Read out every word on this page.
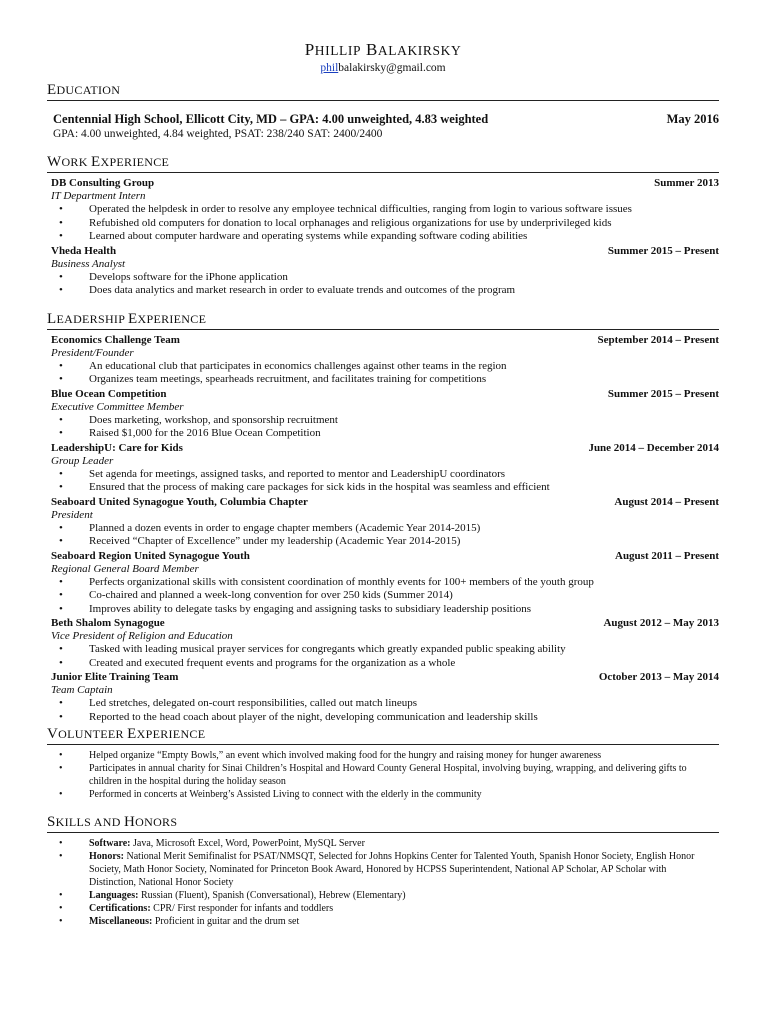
PHILLIP BALAKIRSKY
philbalakirsky@gmail.com
EDUCATION
Centennial High School, Ellicott City, MD – GPA: 4.00 unweighted, 4.83 weighted	May 2016
GPA: 4.00 unweighted, 4.84 weighted, PSAT: 238/240 SAT: 2400/2400
WORK EXPERIENCE
DB Consulting Group	Summer 2013
IT Department Intern
• Operated the helpdesk in order to resolve any employee technical difficulties, ranging from login to various software issues
• Refubished old computers for donation to local orphanages and religious organizations for use by underprivileged kids
• Learned about computer hardware and operating systems while expanding software coding abilities
Vheda Health	Summer 2015 – Present
Business Analyst
• Develops software for the iPhone application
• Does data analytics and market research in order to evaluate trends and outcomes of the program
LEADERSHIP EXPERIENCE
Economics Challenge Team	September 2014 – Present
President/Founder
• An educational club that participates in economics challenges against other teams in the region
• Organizes team meetings, spearheads recruitment, and facilitates training for competitions
Blue Ocean Competition	Summer 2015 – Present
Executive Committee Member
• Does marketing, workshop, and sponsorship recruitment
• Raised $1,000 for the 2016 Blue Ocean Competition
LeadershipU: Care for Kids	June 2014 – December 2014
Group Leader
• Set agenda for meetings, assigned tasks, and reported to mentor and LeadershipU coordinators
• Ensured that the process of making care packages for sick kids in the hospital was seamless and efficient
Seaboard United Synagogue Youth, Columbia Chapter	August 2014 – Present
President
• Planned a dozen events in order to engage chapter members (Academic Year 2014-2015)
• Received “Chapter of Excellence” under my leadership (Academic Year 2014-2015)
Seaboard Region United Synagogue Youth	August 2011 – Present
Regional General Board Member
• Perfects organizational skills with consistent coordination of monthly events for 100+ members of the youth group
• Co-chaired and planned a week-long convention for over 250 kids (Summer 2014)
• Improves ability to delegate tasks by engaging and assigning tasks to subsidiary leadership positions
Beth Shalom Synagogue	August 2012 – May 2013
Vice President of Religion and Education
• Tasked with leading musical prayer services for congregants which greatly expanded public speaking ability
• Created and executed frequent events and programs for the organization as a whole
Junior Elite Training Team	October 2013 – May 2014
Team Captain
• Led stretches, delegated on-court responsibilities, called out match lineups
• Reported to the head coach about player of the night, developing communication and leadership skills
VOLUNTEER EXPERIENCE
•	Helped organize “Empty Bowls,” an event which involved making food for the hungry and raising money for hunger awareness
•	Participates in annual charity for Sinai Children’s Hospital and Howard County General Hospital, involving buying, wrapping, and delivering gifts to children in the hospital during the holiday season
•	Performed in concerts at Weinberg’s Assisted Living to connect with the elderly in the community
SKILLS AND HONORS
•	Software: Java, Microsoft Excel, Word, PowerPoint, MySQL Server
•	Honors: National Merit Semifinalist for PSAT/NMSQT, Selected for Johns Hopkins Center for Talented Youth, Spanish Honor Society, English Honor Society, Math Honor Society, Nominated for Princeton Book Award, Honored by HCPSS Superintendent, National AP Scholar, AP Scholar with Distinction, National Honor Society
•	Languages: Russian (Fluent), Spanish (Conversational), Hebrew (Elementary)
•	Certifications: CPR/ First responder for infants and toddlers
•	Miscellaneous: Proficient in guitar and the drum set
